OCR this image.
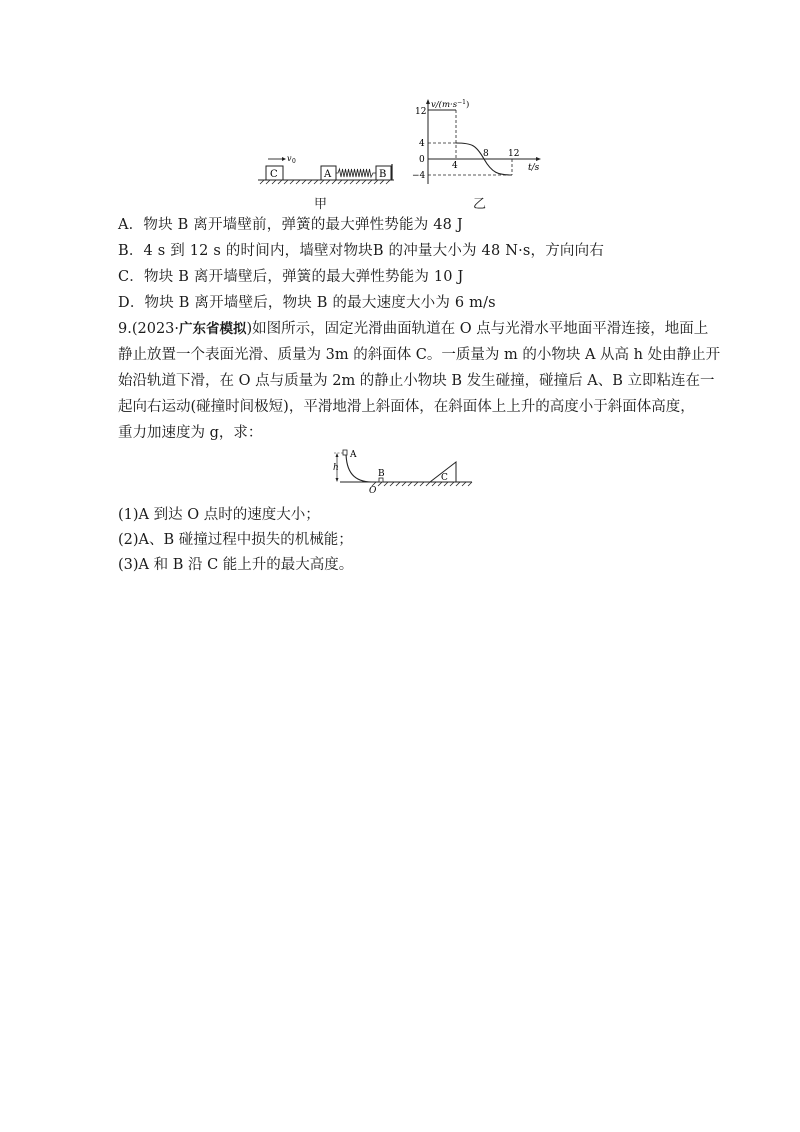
C
v 0
A	B
甲
$v/(m\cdot s^{-1})$
t/s
12
4
0
−4
4
8 12
乙
A．物块 B 离开墙壁前，弹簧的最大弹性势能为 48 J
B．4 s 到 12 s 的时间内，墙壁对物块B 的冲量大小为 48 N·s，方向向右
C．物块 B 离开墙壁后，弹簧的最大弹性势能为 10 J
D．物块 B 离开墙壁后，物块 B 的最大速度大小为 6 m/s
9.(2023·广东省模拟)如图所示，固定光滑曲面轨道在 O 点与光滑水平地面平滑连接，地面上
静止放置一个表面光滑、质量为 3m 的斜面体 C。一质量为 m 的小物块 A 从高 h 处由静止开
始沿轨道下滑，在 O 点与质量为 2m 的静止小物块 B 发生碰撞，碰撞后 A、B 立即粘连在一
起向右运动(碰撞时间极短)，平滑地滑上斜面体，在斜面体上上升的高度小于斜面体高度，
重力加速度为 g，求：
A
h
B
O
C
(1)A 到达 O 点时的速度大小；
(2)A、B 碰撞过程中损失的机械能；
(3)A 和 B 沿 C 能上升的最大高度。
